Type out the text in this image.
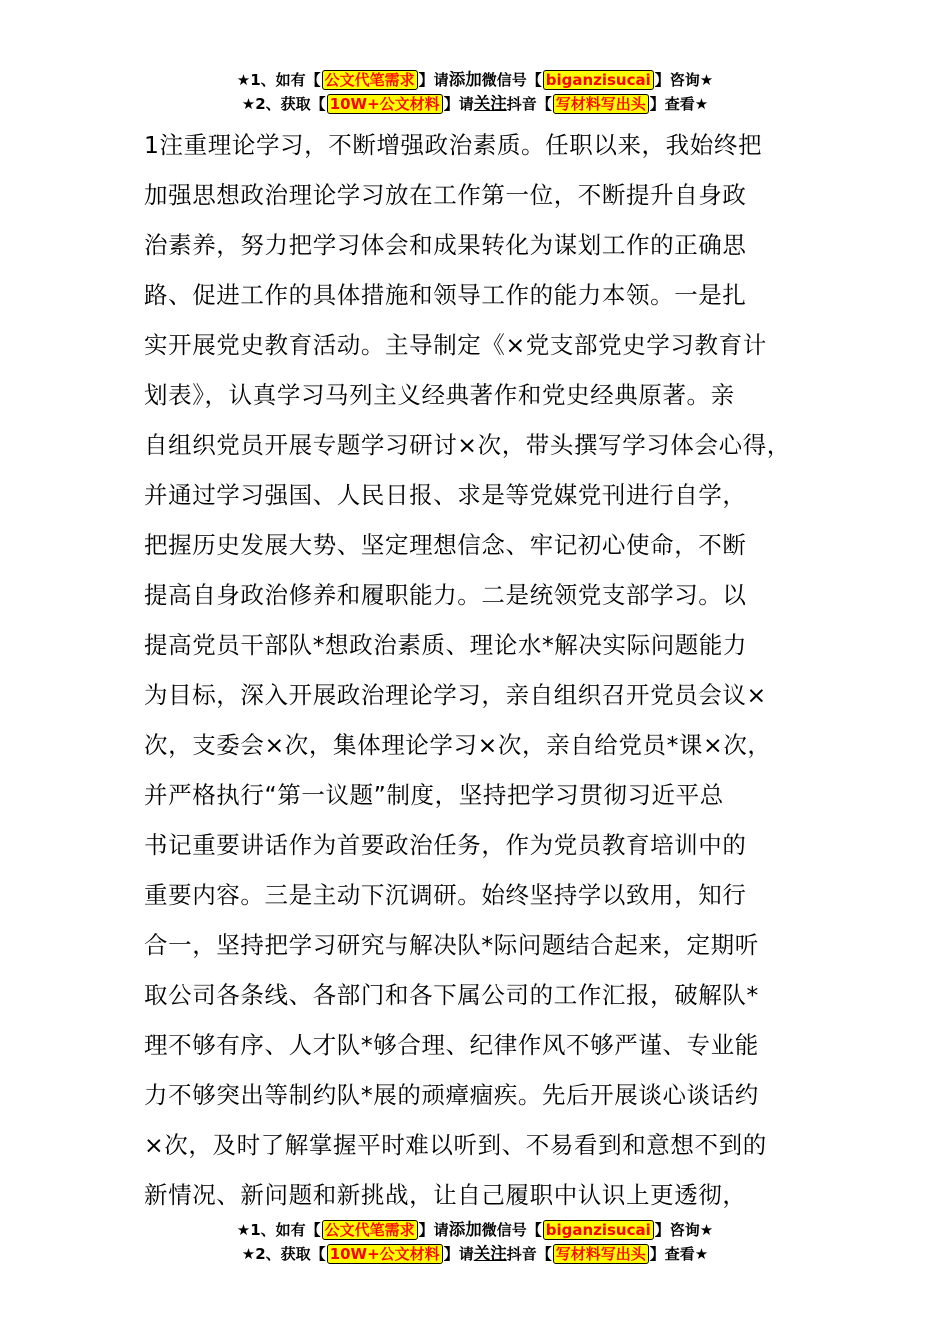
★1、如有【 公文代笔需求 】请添加微信号【 biganzisucai 】咨询★
★2、获取【 10W+公文材料 】请关注抖音【 写材料写出头 】查看★
1注重理论学习，不断增强政治素质。任职以来，我始终把
加强思想政治理论学习放在工作第一位，不断提升自身政
治素养，努力把学习体会和成果转化为谋划工作的正确思
路、促进工作的具体措施和领导工作的能力本领。一是扎
实开展党史教育活动。主导制定《×党支部党史学习教育计
划表》，认真学习马列主义经典著作和党史经典原著。亲
自组织党员开展专题学习研讨×次，带头撰写学习体会心得，
并通过学习强国、人民日报、求是等党媒党刊进行自学，
把握历史发展大势、坚定理想信念、牢记初心使命，不断
提高自身政治修养和履职能力。二是统领党支部学习。以
提高党员干部队*想政治素质、理论水*解决实际问题能力
为目标，深入开展政治理论学习，亲自组织召开党员会议×
次，支委会×次，集体理论学习×次，亲自给党员*课×次，
并严格执行“第一议题”制度，坚持把学习贯彻习近平总
书记重要讲话作为首要政治任务，作为党员教育培训中的
重要内容。三是主动下沉调研。始终坚持学以致用，知行
合一，坚持把学习研究与解决队*际问题结合起来，定期听
取公司各条线、各部门和各下属公司的工作汇报，破解队*
理不够有序、人才队*够合理、纪律作风不够严谨、专业能
力不够突出等制约队*展的顽瘴痼疾。先后开展谈心谈话约
×次，及时了解掌握平时难以听到、不易看到和意想不到的
新情况、新问题和新挑战，让自己履职中认识上更透彻，
★1、如有【 公文代笔需求 】请添加微信号【 biganzisucai 】咨询★
★2、获取【 10W+公文材料 】请关注抖音【 写材料写出头 】查看★
